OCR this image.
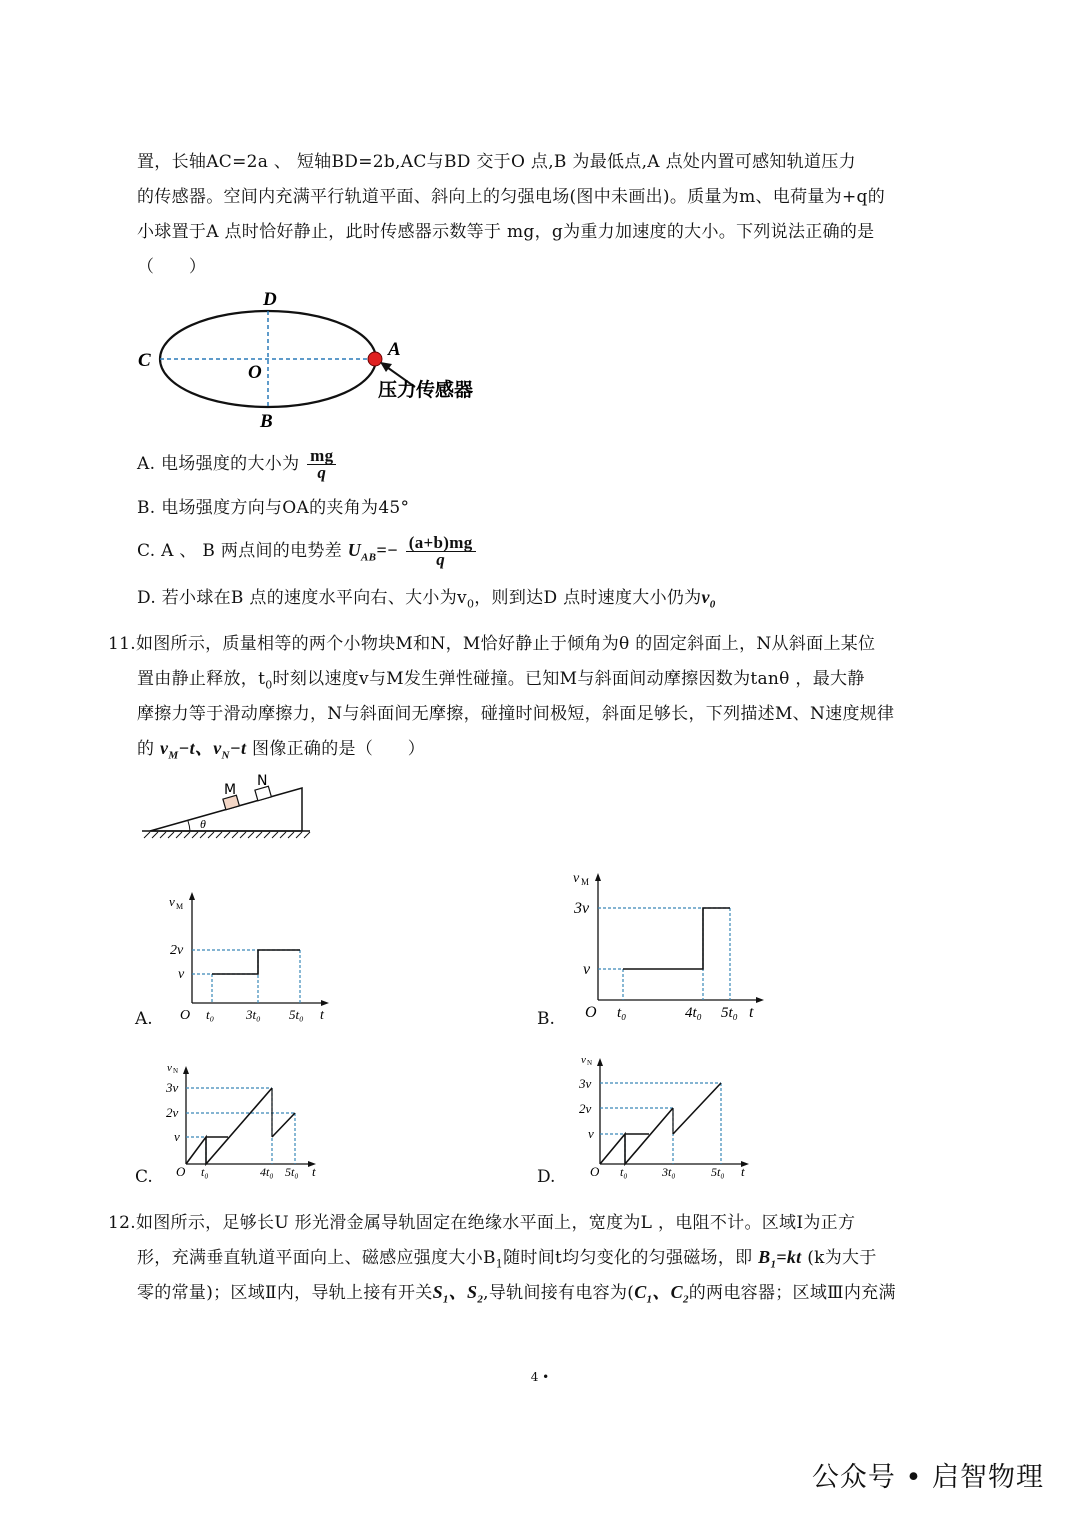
置，长轴AC=2a 、 短轴BD=2b,AC与BD 交于O 点,B 为最低点,A 点处内置可感知轨道压力
的传感器。空间内充满平行轨道平面、斜向上的匀强电场(图中未画出)。质量为m、电荷量为+q的
小球置于A 点时恰好静止，此时传感器示数等于 mg，g为重力加速度的大小。下列说法正确的是
（　　）
D
C
O
A
B
压力传感器
A. 电场强度的大小为 $\frac{mg}{q}$
B. 电场强度方向与OA的夹角为45°
C. A 、 B 两点间的电势差 $U_{AB}=- \frac{(a+b)mg}{q}$
D. 若小球在B 点的速度水平向右、大小为$v_0$，则到达D 点时速度大小仍为$v_0$
11.如图所示，质量相等的两个小物块M和N，M恰好静止于倾角为θ 的固定斜面上，N从斜面上某位
置由静止释放，$t_0$时刻以速度v与M发生弹性碰撞。已知M与斜面间动摩擦因数为tanθ ，最大静
摩擦力等于滑动摩擦力，N与斜面间无摩擦，碰撞时间极短，斜面足够长，下列描述M、N速度规律
的 $v_M-t$、$v_N-t$ 图像正确的是（　　）
θ
M
N
v M
2v
v
O t₀ 3t₀ 5t₀ t
A.
v M
3v
v
O t₀	4t₀ 5t₀ t
B.
v N
3v
2v
v
O t₀	4t₀ 5t₀ t
C.
v N
3v
2v
v
O t₀	3t₀	5t₀ t
D.
12.如图所示，足够长U 形光滑金属导轨固定在绝缘水平面上，宽度为L ，电阻不计。区域Ⅰ为正方
形，充满垂直轨道平面向上、磁感应强度大小$B_1$随时间t均匀变化的匀强磁场，即 $B_1=kt$ (k为大于
零的常量)；区域Ⅱ内，导轨上接有开关$S_1$、$S_2$,导轨间接有电容为($C_1$、$C_2$的两电容器；区域Ⅲ内充满
4 •
公众号 • 启智物理
